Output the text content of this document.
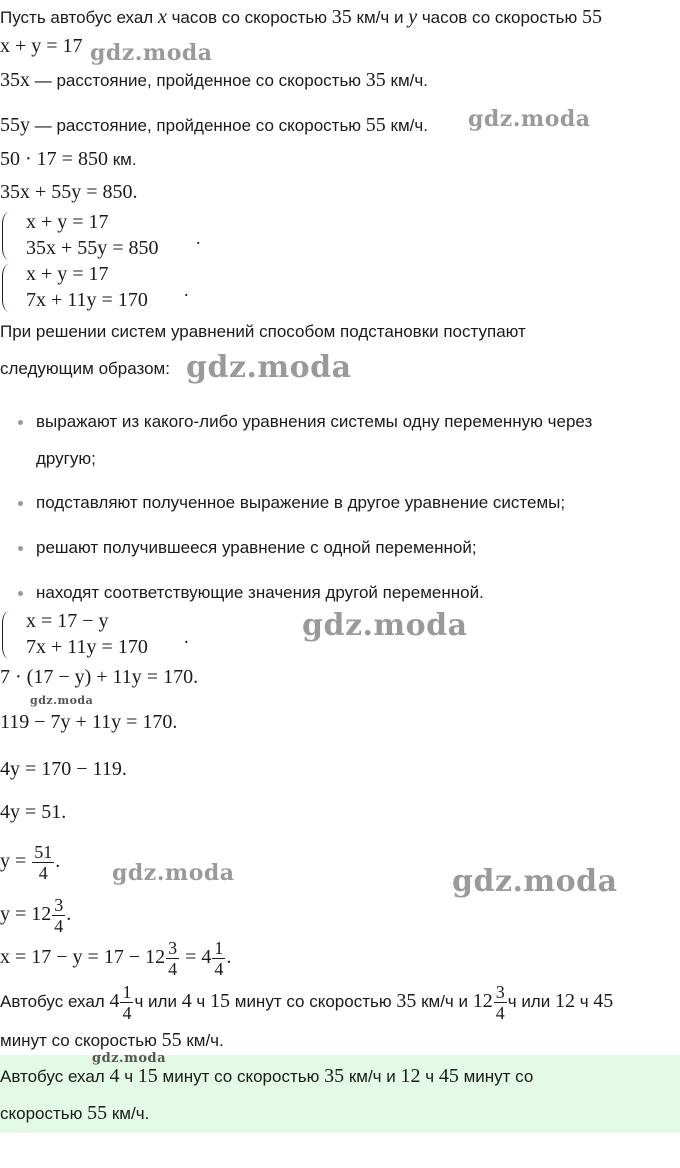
Пусть автобус ехал x часов со скоростью 35 км/ч и y часов со скоростью 55
x + y = 17
35x — расстояние, пройденное со скоростью 35 км/ч.
55y — расстояние, пройденное со скоростью 55 км/ч.
50 · 17 = 850 км.
35x + 55y = 850.
x + y = 17
35x + 55y = 850 .
x + y = 17
7x + 11y = 170 .
При решении систем уравнений способом подстановки поступают
следующим образом:
выражают из какого-либо уравнения системы одну переменную через
другую;
подставляют полученное выражение в другое уравнение системы;
решают получившееся уравнение с одной переменной;
находят соответствующие значения другой переменной.
x = 17 − y
7x + 11y = 170 .
7 · (17 − y) + 11y = 170.
119 − 7y + 11y = 170.
4y = 170 − 119.
4y = 51.
$y = \frac{51}{4}$ .
$y = 12 \frac{3}{4}$ .
$x = 17 - y = 17 - 12 \frac{3}{4} = 4 \frac{1}{4}$ .
Автобус ехал $4 \frac{1}{4}$ ч или 4 ч 15 минут со скоростью 35 км/ч и $12 \frac{3}{4}$ ч или 12 ч 45
минут со скоростью 55 км/ч.
Автобус ехал 4 ч 15 минут со скоростью 35 км/ч и 12 ч 45 минут со
скоростью 55 км/ч.
gdz.moda
gdz.moda
gdz.moda
gdz.moda
gdz.moda
gdz.moda	gdz.moda
gdz.moda
